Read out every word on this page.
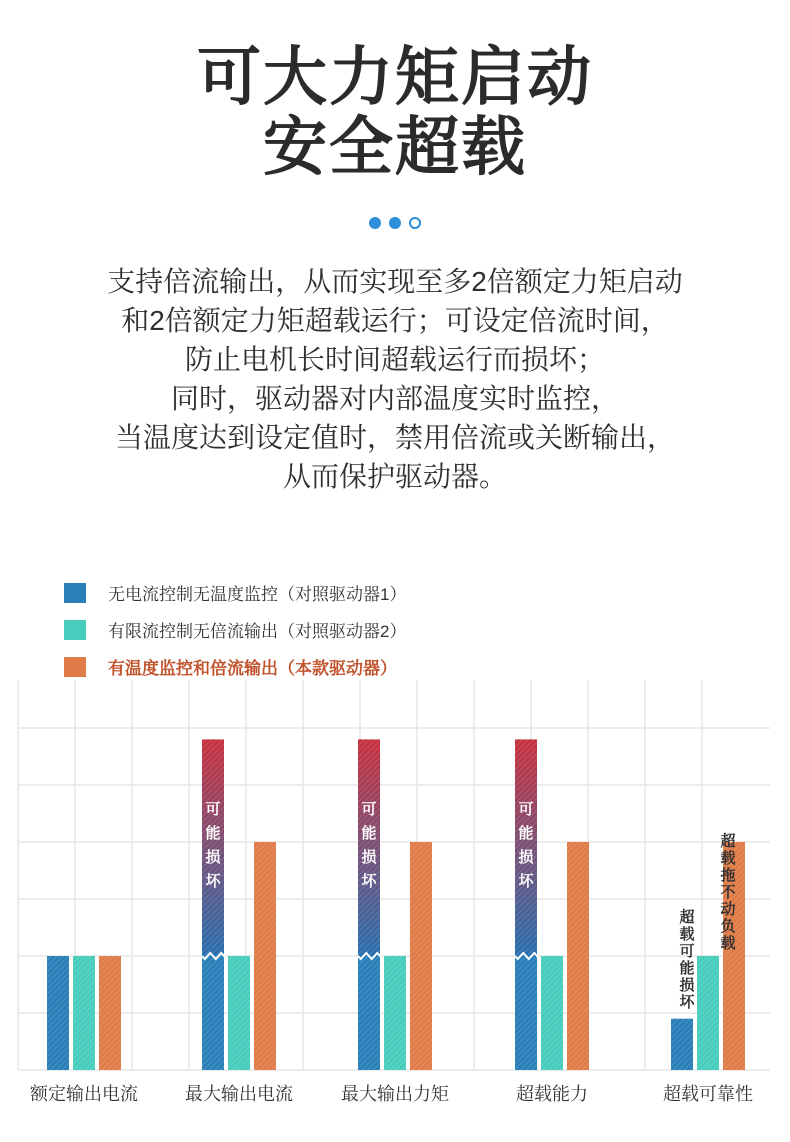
可大力矩启动
安全超载

支持倍流输出，从而实现至多2倍额定力矩启动
和2倍额定力矩超载运行；可设定倍流时间，
防止电机长时间超载运行而损坏；
同时，驱动器对内部温度实时监控，
当温度达到设定值时，禁用倍流或关断输出，
从而保护驱动器。
无电流控制无温度监控（对照驱动器1）
有限流控制无倍流输出（对照驱动器2）
有温度监控和倍流输出（本款驱动器）
额定输出电流	最大输出电流	最大输出力矩	超载能力	超载可靠性
可能损坏
可能损坏
可能损坏
超载可能损坏
超载拖不动负载
